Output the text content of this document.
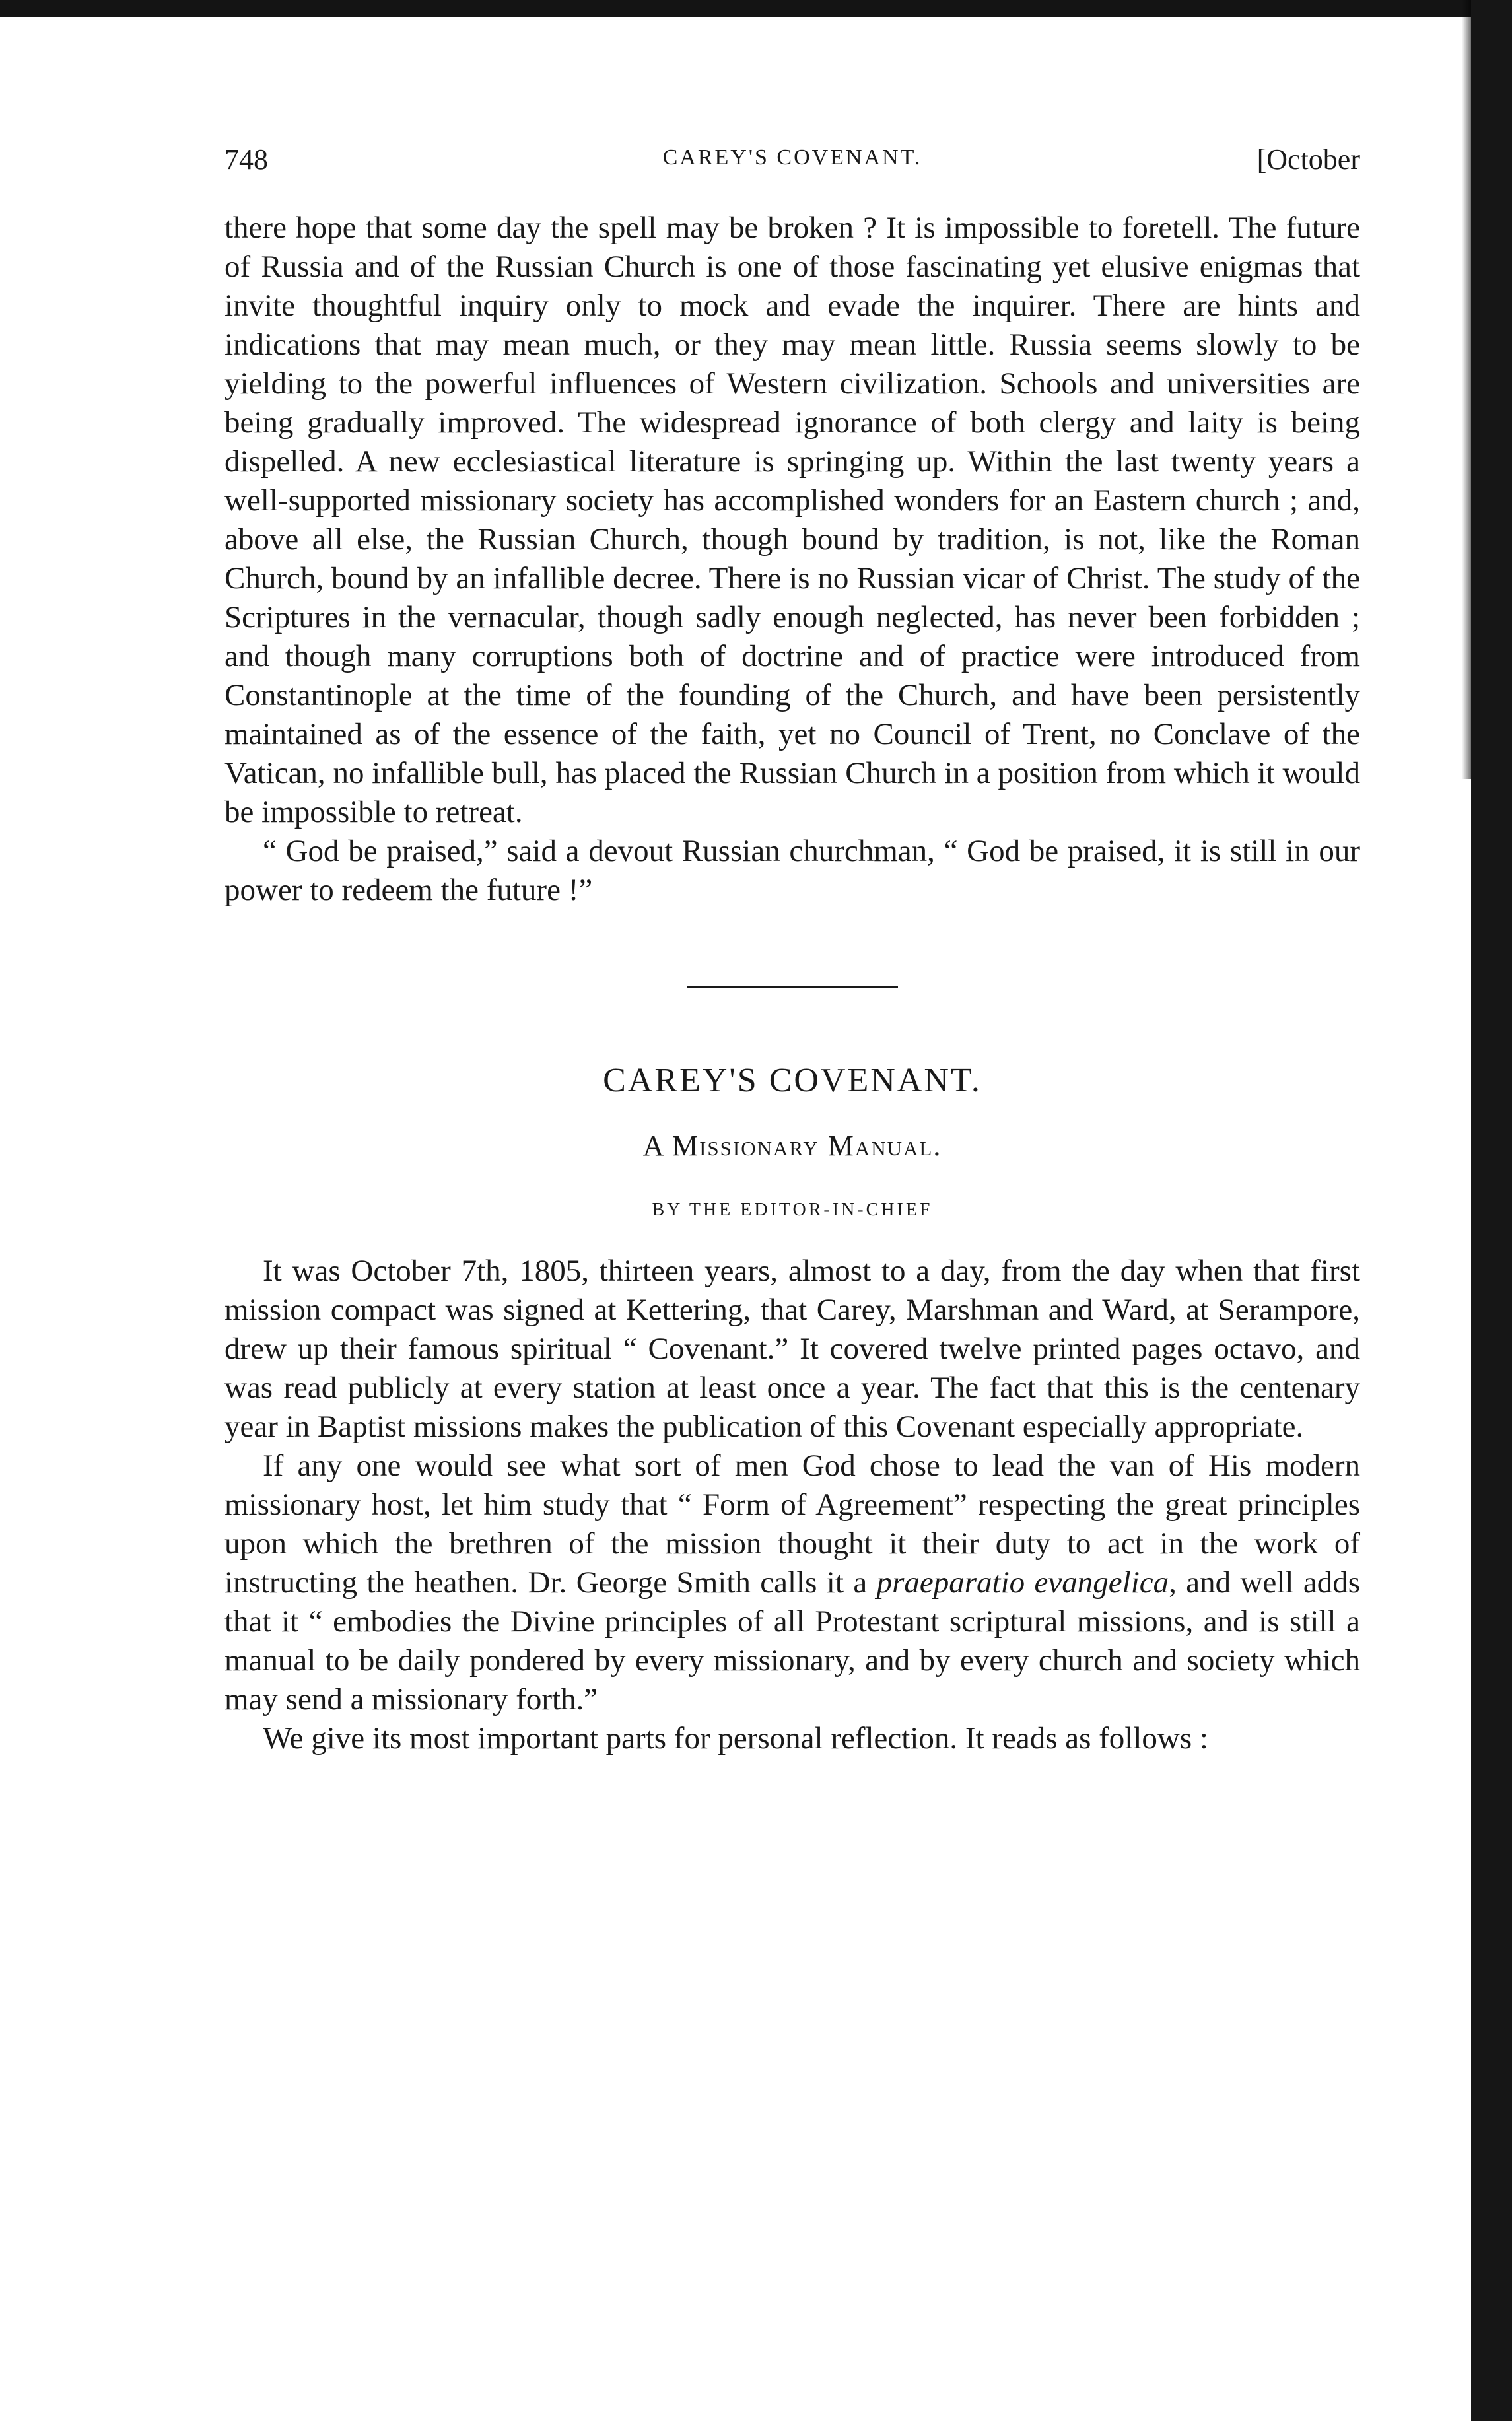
748	CAREY'S COVENANT.	[October

there hope that some day the spell may be broken ? It is impossible to foretell. The future of Russia and of the Russian Church is one of those fascinating yet elusive enigmas that invite thoughtful inquiry only to mock and evade the inquirer. There are hints and indications that may mean much, or they may mean little. Russia seems slowly to be yielding to the powerful influences of Western civilization. Schools and universities are being gradually improved. The widespread ignorance of both clergy and laity is being dispelled. A new ecclesiastical literature is springing up. Within the last twenty years a well-supported missionary society has accomplished wonders for an Eastern church ; and, above all else, the Russian Church, though bound by tradition, is not, like the Roman Church, bound by an infallible decree. There is no Russian vicar of Christ. The study of the Scriptures in the vernacular, though sadly enough neglected, has never been forbidden ; and though many corruptions both of doctrine and of practice were introduced from Constantinople at the time of the founding of the Church, and have been persistently maintained as of the essence of the faith, yet no Council of Trent, no Conclave of the Vatican, no infallible bull, has placed the Russian Church in a position from which it would be impossible to retreat.

“ God be praised,” said a devout Russian churchman, “ God be praised, it is still in our power to redeem the future !”

CAREY'S COVENANT.
A Missionary Manual.
BY THE EDITOR-IN-CHIEF

It was October 7th, 1805, thirteen years, almost to a day, from the day when that first mission compact was signed at Kettering, that Carey, Marshman and Ward, at Serampore, drew up their famous spiritual “ Covenant.” It covered twelve printed pages octavo, and was read publicly at every station at least once a year. The fact that this is the centenary year in Baptist missions makes the publication of this Covenant especially appropriate.

If any one would see what sort of men God chose to lead the van of His modern missionary host, let him study that “ Form of Agreement” respecting the great principles upon which the brethren of the mission thought it their duty to act in the work of instructing the heathen. Dr. George Smith calls it a praeparatio evangelica, and well adds that it “ embodies the Divine principles of all Protestant scriptural missions, and is still a manual to be daily pondered by every missionary, and by every church and society which may send a missionary forth.”

We give its most important parts for personal reflection. It reads as follows :
